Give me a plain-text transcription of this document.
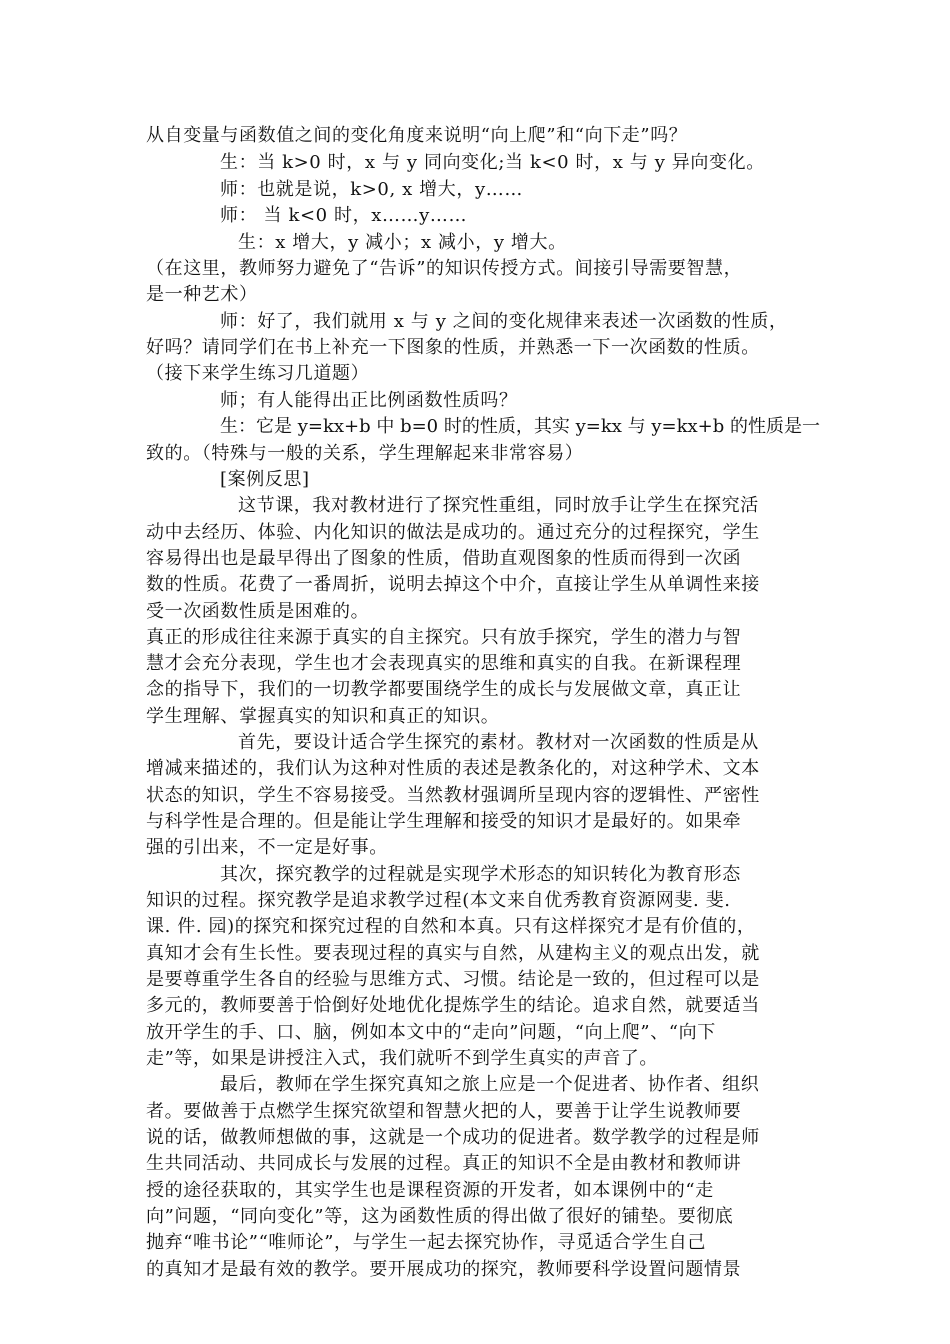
从自变量与函数值之间的变化角度来说明“向上爬”和“向下走”吗？
生：当 k>0 时，x 与 y 同向变化;当 k<0 时，x 与 y 异向变化。
师：也就是说，k>0, x 增大，y……
师： 当 k<0 时，x……y……
生：x 增大，y 减小；x 减小，y 增大。
（在这里，教师努力避免了“告诉”的知识传授方式。间接引导需要智慧，
是一种艺术）
师：好了，我们就用 x 与 y 之间的变化规律来表述一次函数的性质，
好吗？请同学们在书上补充一下图象的性质，并熟悉一下一次函数的性质。
（接下来学生练习几道题）
师；有人能得出正比例函数性质吗？
生：它是 y=kx+b 中 b=0 时的性质，其实 y=kx 与 y=kx+b 的性质是一
致的。（特殊与一般的关系，学生理解起来非常容易）
[案例反思]
这节课，我对教材进行了探究性重组，同时放手让学生在探究活
动中去经历、体验、内化知识的做法是成功的。通过充分的过程探究，学生
容易得出也是最早得出了图象的性质，借助直观图象的性质而得到一次函
数的性质。花费了一番周折，说明去掉这个中介，直接让学生从单调性来接
受一次函数性质是困难的。
真正的形成往往来源于真实的自主探究。只有放手探究，学生的潜力与智
慧才会充分表现，学生也才会表现真实的思维和真实的自我。在新课程理
念的指导下，我们的一切教学都要围绕学生的成长与发展做文章，真正让
学生理解、掌握真实的知识和真正的知识。
首先，要设计适合学生探究的素材。教材对一次函数的性质是从
增减来描述的，我们认为这种对性质的表述是教条化的，对这种学术、文本
状态的知识，学生不容易接受。当然教材强调所呈现内容的逻辑性、严密性
与科学性是合理的。但是能让学生理解和接受的知识才是最好的。如果牵
强的引出来，不一定是好事。
其次，探究教学的过程就是实现学术形态的知识转化为教育形态
知识的过程。探究教学是追求教学过程(本文来自优秀教育资源网斐. 斐.
课. 件. 园)的探究和探究过程的自然和本真。只有这样探究才是有价值的，
真知才会有生长性。要表现过程的真实与自然，从建构主义的观点出发，就
是要尊重学生各自的经验与思维方式、习惯。结论是一致的，但过程可以是
多元的，教师要善于恰倒好处地优化提炼学生的结论。追求自然，就要适当
放开学生的手、口、脑，例如本文中的“走向”问题，“向上爬”、“向下
走”等，如果是讲授注入式，我们就听不到学生真实的声音了。
最后，教师在学生探究真知之旅上应是一个促进者、协作者、组织
者。要做善于点燃学生探究欲望和智慧火把的人，要善于让学生说教师要
说的话，做教师想做的事，这就是一个成功的促进者。数学教学的过程是师
生共同活动、共同成长与发展的过程。真正的知识不全是由教材和教师讲
授的途径获取的，其实学生也是课程资源的开发者，如本课例中的“走
向”问题，“同向变化”等，这为函数性质的得出做了很好的铺垫。要彻底
抛弃“唯书论”“唯师论”，与学生一起去探究协作，寻觅适合学生自己
的真知才是最有效的教学。要开展成功的探究，教师要科学设置问题情景
